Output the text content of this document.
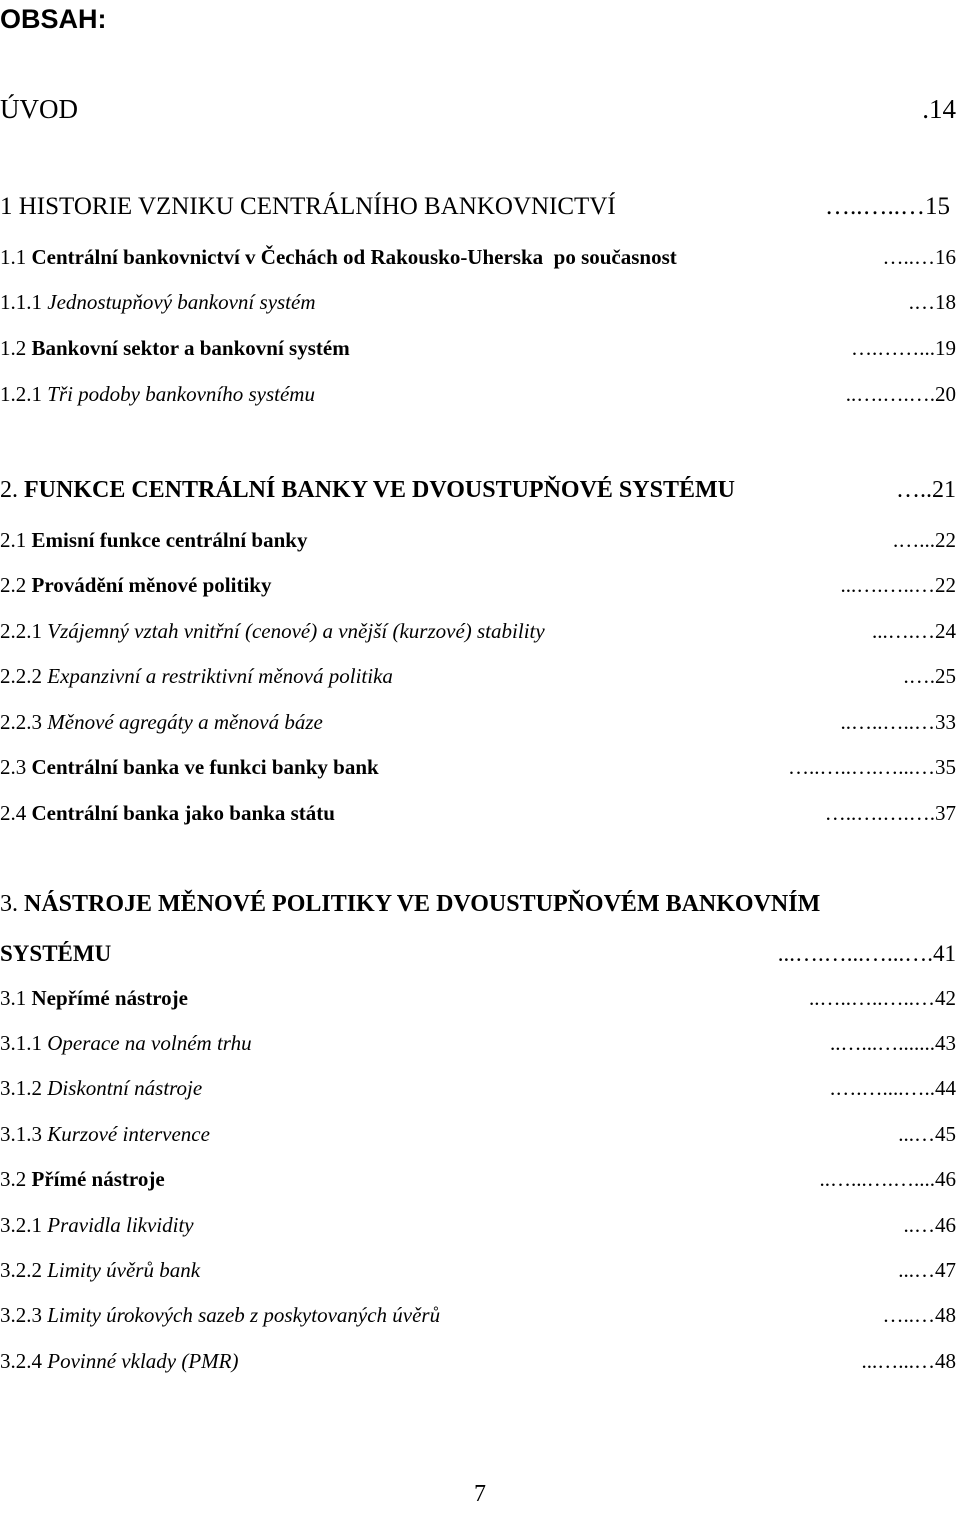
OBSAH:
ÚVOD
	.14
1 HISTORIE VZNIKU CENTRÁLNÍHO BANKOVNICTVÍ
	…..…..…15
1.1 Centrální bankovnictví v Čechách od Rakousko-Uherska  po současnost
	…..…16
1.1.1 Jednostupňový bankovní systém
	.…18
1.2 Bankovní sektor a bankovní systém
	….……...19
1.2.1 Tři podoby bankovního systému
	..….….….20
2. FUNKCE CENTRÁLNÍ BANKY VE DVOUSTUPŇOVÉ SYSTÉMU
	…..21
2.1 Emisní funkce centrální banky
	.…...22
2.2 Provádění měnové politiky
	...….…..…22
2.2.1 Vzájemný vztah vnitřní (cenové) a vnější (kurzové) stability
	...….…24
2.2.2 Expanzivní a restriktivní měnová politika
	.….25
2.2.3 Měnové agregáty a měnová báze
	..…..…..…33
2.3 Centrální banka ve funkci banky bank
	…..…..….…...…35
2.4 Centrální banka jako banka státu
	…..….….….37
3. NÁSTROJE MĚNOVÉ POLITIKY VE DVOUSTUPŇOVÉM BANKOVNÍM
SYSTÉMU
	...….…...…...….41
3.1 Nepřímé nástroje
	..…..…..…..…42
3.1.1 Operace na volném trhu
	..…...….......43
3.1.2 Diskontní nástroje
	.….…....…..44
3.1.3 Kurzové intervence
	...…45
3.2 Přímé nástroje
	..…...….…....46
3.2.1 Pravidla likvidity
	..…46
3.2.2 Limity úvěrů bank
	...…47
3.2.3 Limity úrokových sazeb z poskytovaných úvěrů
	…..…48
3.2.4 Povinné vklady (PMR)
	...…...…48
7
